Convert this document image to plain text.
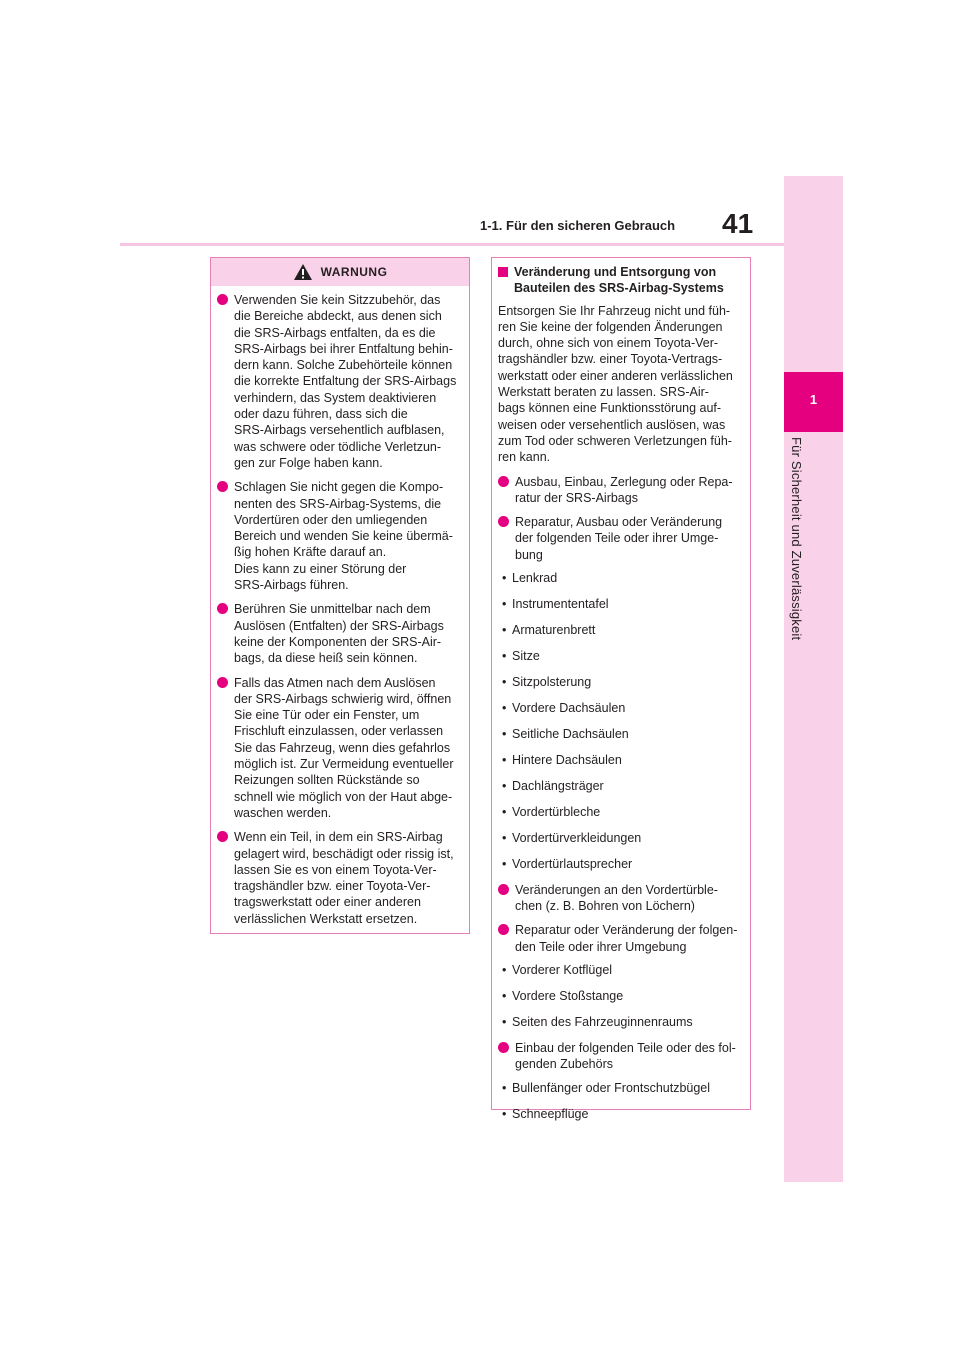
41
1-1. Für den sicheren Gebrauch
1
Für Sicherheit und Zuverlässigkeit
WARNUNG
Verwenden Sie kein Sitzzubehör, das
die Bereiche abdeckt, aus denen sich
die SRS-Airbags entfalten, da es die
SRS-Airbags bei ihrer Entfaltung behin-
dern kann. Solche Zubehörteile können
die korrekte Entfaltung der SRS-Airbags
verhindern, das System deaktivieren
oder dazu führen, dass sich die
SRS-Airbags versehentlich aufblasen,
was schwere oder tödliche Verletzun-
gen zur Folge haben kann.
Schlagen Sie nicht gegen die Kompo-
nenten des SRS-Airbag-Systems, die
Vordertüren oder den umliegenden
Bereich und wenden Sie keine übermä-
ßig hohen Kräfte darauf an.
Dies kann zu einer Störung der
SRS-Airbags führen.
Berühren Sie unmittelbar nach dem
Auslösen (Entfalten) der SRS-Airbags
keine der Komponenten der SRS-Air-
bags, da diese heiß sein können.
Falls das Atmen nach dem Auslösen
der SRS-Airbags schwierig wird, öffnen
Sie eine Tür oder ein Fenster, um
Frischluft einzulassen, oder verlassen
Sie das Fahrzeug, wenn dies gefahrlos
möglich ist. Zur Vermeidung eventueller
Reizungen sollten Rückstände so
schnell wie möglich von der Haut abge-
waschen werden.
Wenn ein Teil, in dem ein SRS-Airbag
gelagert wird, beschädigt oder rissig ist,
lassen Sie es von einem Toyota-Ver-
tragshändler bzw. einer Toyota-Ver-
tragswerkstatt oder einer anderen
verlässlichen Werkstatt ersetzen.
Veränderung und Entsorgung von
Bauteilen des SRS-Airbag-Systems

Entsorgen Sie Ihr Fahrzeug nicht und füh-
ren Sie keine der folgenden Änderungen
durch, ohne sich von einem Toyota-Ver-
tragshändler bzw. einer Toyota-Vertrags-
werkstatt oder einer anderen verlässlichen
Werkstatt beraten zu lassen. SRS-Air-
bags können eine Funktionsstörung auf-
weisen oder versehentlich auslösen, was
zum Tod oder schweren Verletzungen füh-
ren kann.

Ausbau, Einbau, Zerlegung oder Repa-
ratur der SRS-Airbags
Reparatur, Ausbau oder Veränderung
der folgenden Teile oder ihrer Umge-
bung
• Lenkrad
• Instrumententafel
• Armaturenbrett
• Sitze
• Sitzpolsterung
• Vordere Dachsäulen
• Seitliche Dachsäulen
• Hintere Dachsäulen
• Dachlängsträger
• Vordertürbleche
• Vordertürverkleidungen
• Vordertürlautsprecher
Veränderungen an den Vordertürble-
chen (z. B. Bohren von Löchern)
Reparatur oder Veränderung der folgen-
den Teile oder ihrer Umgebung
• Vorderer Kotflügel
• Vordere Stoßstange
• Seiten des Fahrzeuginnenraums
Einbau der folgenden Teile oder des fol-
genden Zubehörs
• Bullenfänger oder Frontschutzbügel
• Schneepflüge
